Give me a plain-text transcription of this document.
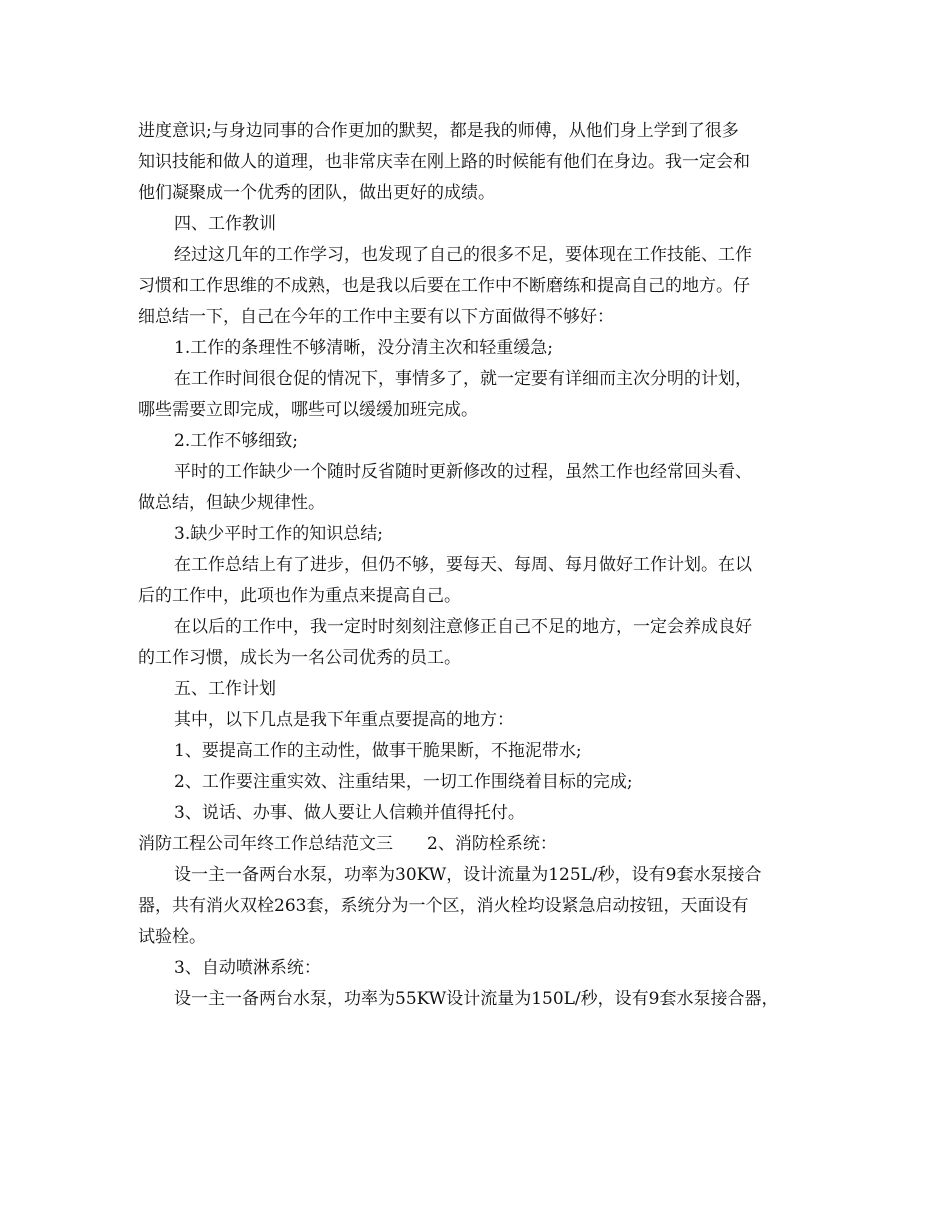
进度意识;与身边同事的合作更加的默契，都是我的师傅，从他们身上学到了很多

知识技能和做人的道理，也非常庆幸在刚上路的时候能有他们在身边。我一定会和

他们凝聚成一个优秀的团队，做出更好的成绩。

四、工作教训

经过这几年的工作学习，也发现了自己的很多不足，要体现在工作技能、工作

习惯和工作思维的不成熟，也是我以后要在工作中不断磨练和提高自己的地方。仔

细总结一下，自己在今年的工作中主要有以下方面做得不够好：

1.工作的条理性不够清晰，没分清主次和轻重缓急;

在工作时间很仓促的情况下，事情多了，就一定要有详细而主次分明的计划，

哪些需要立即完成，哪些可以缓缓加班完成。

2.工作不够细致;

平时的工作缺少一个随时反省随时更新修改的过程，虽然工作也经常回头看、

做总结，但缺少规律性。

3.缺少平时工作的知识总结;

在工作总结上有了进步，但仍不够，要每天、每周、每月做好工作计划。在以

后的工作中，此项也作为重点来提高自己。

在以后的工作中，我一定时时刻刻注意修正自己不足的地方，一定会养成良好

的工作习惯，成长为一名公司优秀的员工。

五、工作计划

其中，以下几点是我下年重点要提高的地方：

1、要提高工作的主动性，做事干脆果断，不拖泥带水;

2、工作要注重实效、注重结果，一切工作围绕着目标的完成;

3、说话、办事、做人要让人信赖并值得托付。

消防工程公司年终工作总结范文三 2、消防栓系统：

设一主一备两台水泵，功率为30KW，设计流量为125L/秒，设有9套水泵接合

器，共有消火双栓263套，系统分为一个区，消火栓均设紧急启动按钮，天面设有

试验栓。

3、自动喷淋系统：

设一主一备两台水泵，功率为55KW设计流量为150L/秒，设有9套水泵接合器，
